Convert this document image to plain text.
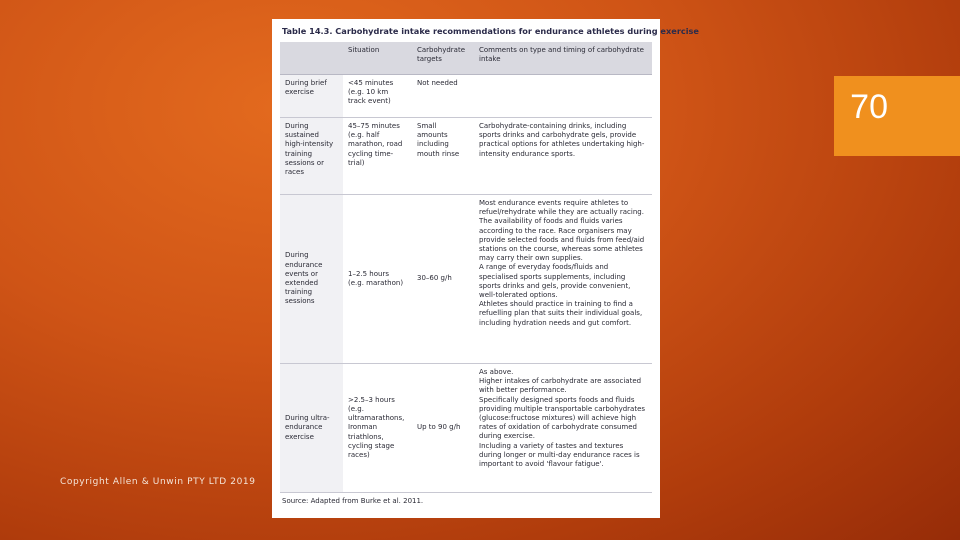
70
Copyright Allen & Unwin PTY LTD 2019
Table 14.3. Carbohydrate intake recommendations for endurance athletes during exercise
	Situation	Carbohydrate targets	Comments on type and timing of carbohydrate intake
During brief exercise	<45 minutes (e.g. 10 km track event)	Not needed	
During sustained high-intensity training sessions or races	45–75 minutes (e.g. half marathon, road cycling time-trial)	Small amounts including mouth rinse	Carbohydrate-containing drinks, including sports drinks and carbohydrate gels, provide practical options for athletes undertaking high-intensity endurance sports.

During endurance events or extended training sessions	1–2.5 hours (e.g. marathon)	30–60 g/h	Most endurance events require athletes to refuel/rehydrate while they are actually racing. The availability of foods and fluids varies according to the race. Race organisers may provide selected foods and fluids from feed/aid stations on the course, whereas some athletes may carry their own supplies.
A range of everyday foods/fluids and specialised sports supplements, including sports drinks and gels, provide convenient, well-tolerated options.
Athletes should practice in training to find a refuelling plan that suits their individual goals, including hydration needs and gut comfort.

During ultra-endurance exercise	>2.5–3 hours (e.g. ultramarathons, Ironman triathlons, cycling stage races)	Up to 90 g/h	As above.
Higher intakes of carbohydrate are associated with better performance.
Specifically designed sports foods and fluids providing multiple transportable carbohydrates (glucose:fructose mixtures) will achieve high rates of oxidation of carbohydrate consumed during exercise.
Including a variety of tastes and textures during longer or multi-day endurance races is important to avoid 'flavour fatigue'.
Source: Adapted from Burke et al. 2011.
